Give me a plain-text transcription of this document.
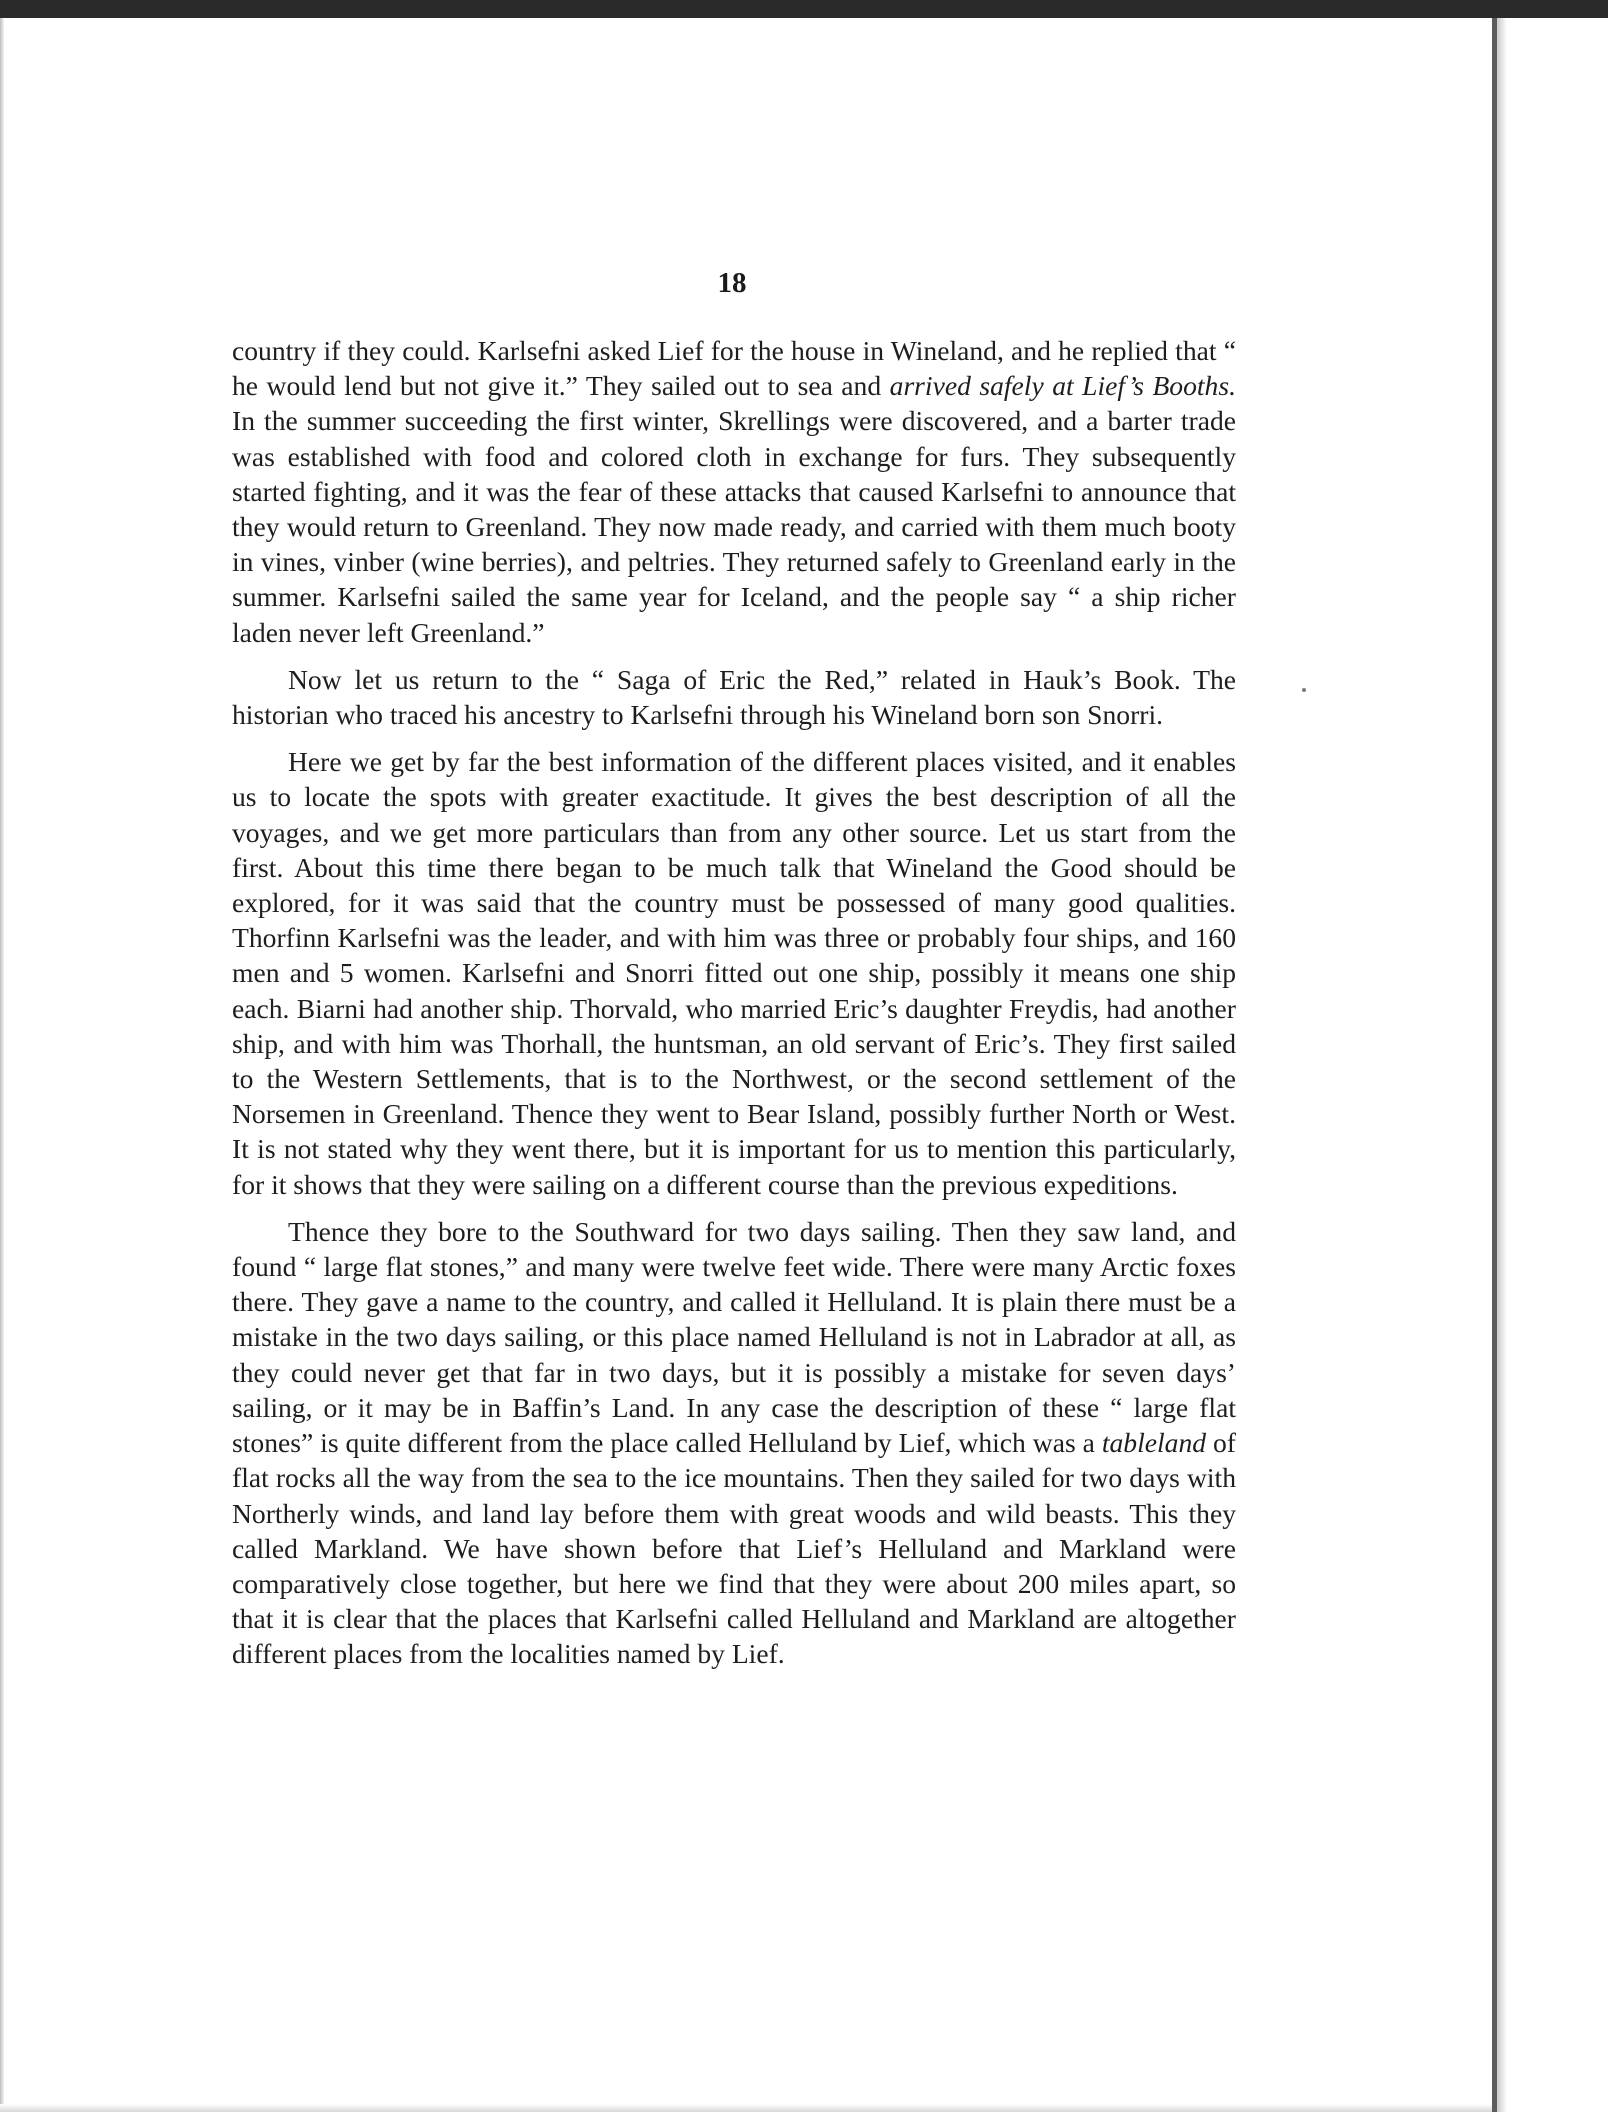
18

country if they could. Karlsefni asked Lief for the house in Wineland, and he replied that “ he would lend but not give it.” They sailed out to sea and arrived safely at Lief’s Booths. In the summer succeeding the first winter, Skrellings were discovered, and a barter trade was established with food and colored cloth in exchange for furs. They subsequently started fighting, and it was the fear of these attacks that caused Karlsefni to announce that they would return to Greenland. They now made ready, and carried with them much booty in vines, vinber (wine berries), and peltries. They returned safely to Greenland early in the summer. Karlsefni sailed the same year for Iceland, and the people say “ a ship richer laden never left Greenland.”

Now let us return to the “ Saga of Eric the Red,” related in Hauk’s Book. The historian who traced his ancestry to Karlsefni through his Wineland born son Snorri.

Here we get by far the best information of the different places visited, and it enables us to locate the spots with greater exactitude. It gives the best description of all the voyages, and we get more particulars than from any other source. Let us start from the first. About this time there began to be much talk that Wineland the Good should be explored, for it was said that the country must be possessed of many good qualities. Thorfinn Karlsefni was the leader, and with him was three or probably four ships, and 160 men and 5 women. Karlsefni and Snorri fitted out one ship, possibly it means one ship each. Biarni had another ship. Thorvald, who married Eric’s daughter Freydis, had another ship, and with him was Thorhall, the huntsman, an old servant of Eric’s. They first sailed to the Western Settlements, that is to the Northwest, or the second settlement of the Norsemen in Greenland. Thence they went to Bear Island, possibly further North or West. It is not stated why they went there, but it is important for us to mention this particularly, for it shows that they were sailing on a different course than the previous expeditions.

Thence they bore to the Southward for two days sailing. Then they saw land, and found “ large flat stones,” and many were twelve feet wide. There were many Arctic foxes there. They gave a name to the country, and called it Helluland. It is plain there must be a mistake in the two days sailing, or this place named Helluland is not in Labrador at all, as they could never get that far in two days, but it is possibly a mistake for seven days’ sailing, or it may be in Baffin’s Land. In any case the description of these “ large flat stones” is quite different from the place called Helluland by Lief, which was a tableland of flat rocks all the way from the sea to the ice mountains. Then they sailed for two days with Northerly winds, and land lay before them with great woods and wild beasts. This they called Markland. We have shown before that Lief’s Helluland and Markland were comparatively close together, but here we find that they were about 200 miles apart, so that it is clear that the places that Karlsefni called Helluland and Markland are altogether different places from the localities named by Lief.
